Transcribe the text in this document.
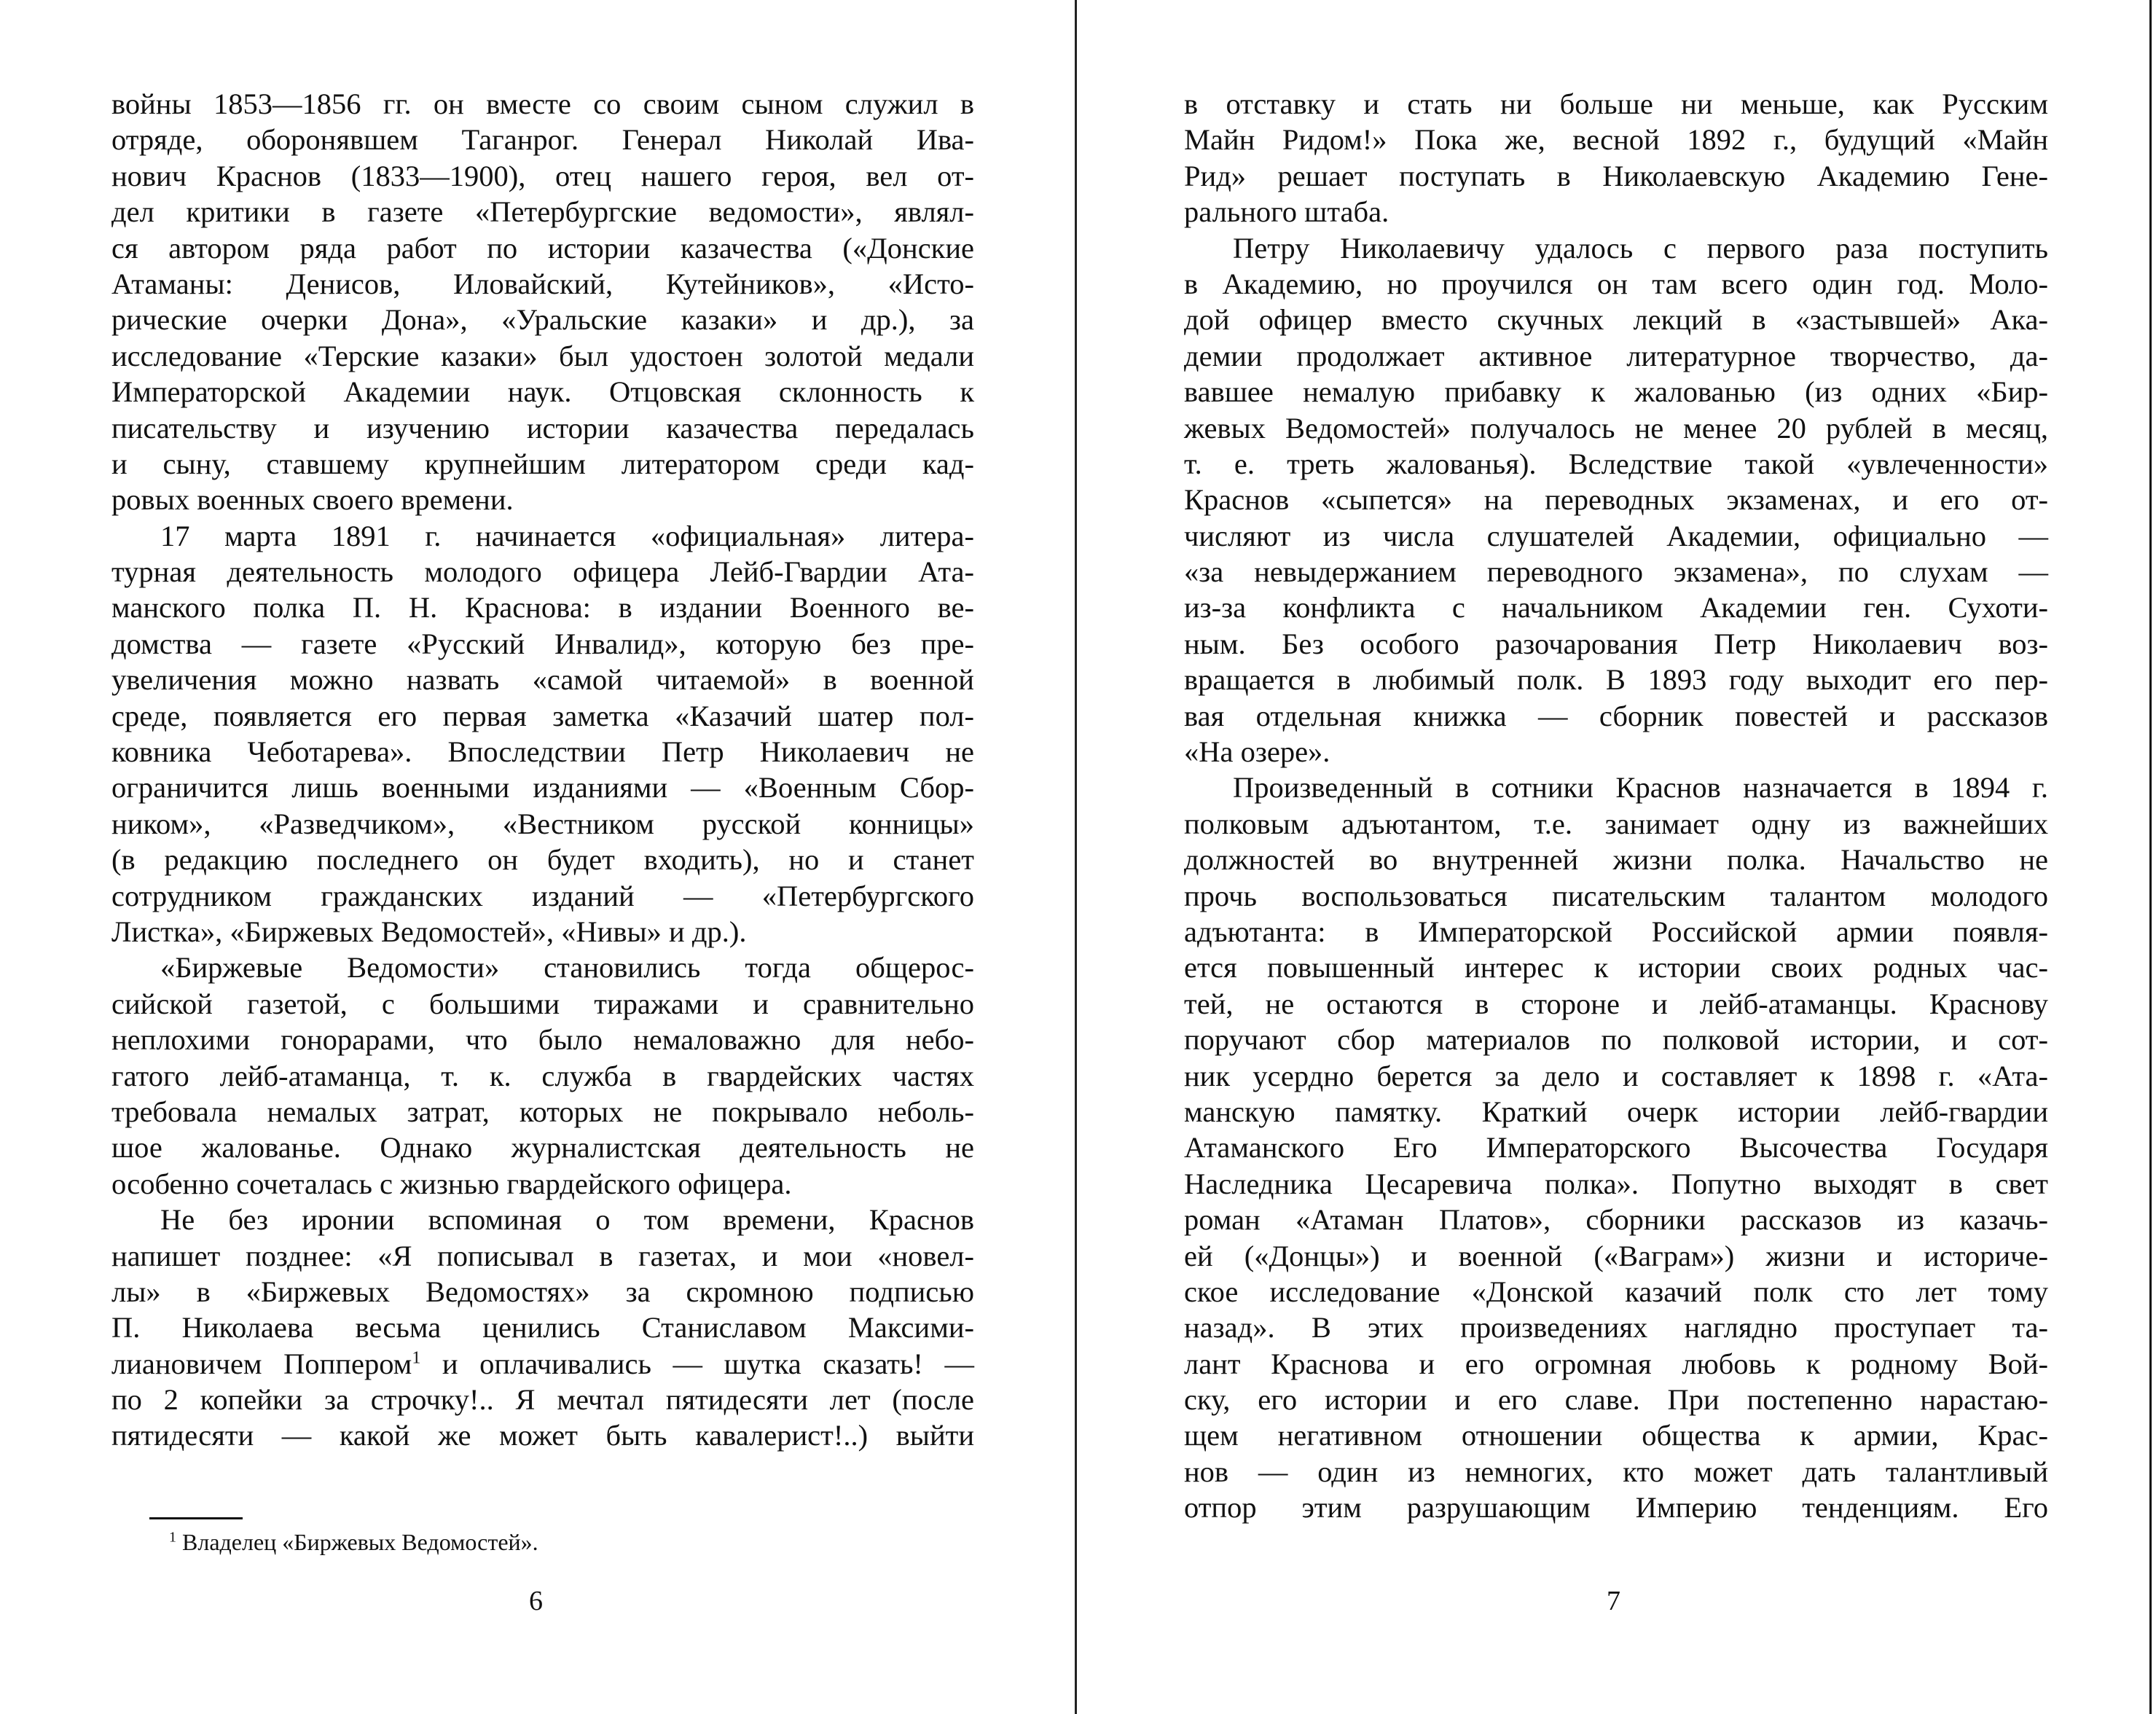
войны 1853—1856 гг. он вместе со своим сыном служил в
отряде, оборонявшем Таганрог. Генерал Николай Ива-
нович Краснов (1833—1900), отец нашего героя, вел от-
дел критики в газете «Петербургские ведомости», являл-
ся автором ряда работ по истории казачества («Донские
Атаманы: Денисов, Иловайский, Кутейников», «Исто-
рические очерки Дона», «Уральские казаки» и др.), за
исследование «Терские казаки» был удостоен золотой медали
Императорской Академии наук. Отцовская склонность к
писательству и изучению истории казачества передалась
и сыну, ставшему крупнейшим литератором среди кад-
ровых военных своего времени.
17 марта 1891 г. начинается «официальная» литера-
турная деятельность молодого офицера Лейб-Гвардии Ата-
манского полка П. Н. Краснова: в издании Военного ве-
домства — газете «Русский Инвалид», которую без пре-
увеличения можно назвать «самой читаемой» в военной
среде, появляется его первая заметка «Казачий шатер пол-
ковника Чеботарева». Впоследствии Петр Николаевич не
ограничится лишь военными изданиями — «Военным Сбор-
ником», «Разведчиком», «Вестником русской конницы»
(в редакцию последнего он будет входить), но и станет
сотрудником гражданских изданий — «Петербургского
Листка», «Биржевых Ведомостей», «Нивы» и др.).
«Биржевые Ведомости» становились тогда общерос-
сийской газетой, с большими тиражами и сравнительно
неплохими гонорарами, что было немаловажно для небо-
гатого лейб-атаманца, т. к. служба в гвардейских частях
требовала немалых затрат, которых не покрывало неболь-
шое жалованье. Однако журналистская деятельность не
особенно сочеталась с жизнью гвардейского офицера.
Не без иронии вспоминая о том времени, Краснов
напишет позднее: «Я пописывал в газетах, и мои «новел-
лы» в «Биржевых Ведомостях» за скромною подписью
П. Николаева весьма ценились Станиславом Максими-
лиановичем Поппером$^1$ и оплачивались — шутка сказать! —
по 2 копейки за строчку!.. Я мечтал пятидесяти лет (после
пятидесяти — какой же может быть кавалерист!..) выйти
в отставку и стать ни больше ни меньше, как Русским
Майн Ридом!» Пока же, весной 1892 г., будущий «Майн
Рид» решает поступать в Николаевскую Академию Гене-
рального штаба.
Петру Николаевичу удалось с первого раза поступить
в Академию, но проучился он там всего один год. Моло-
дой офицер вместо скучных лекций в «застывшей» Ака-
демии продолжает активное литературное творчество, да-
вавшее немалую прибавку к жалованью (из одних «Бир-
жевых Ведомостей» получалось не менее 20 рублей в месяц,
т. е. треть жалованья). Вследствие такой «увлеченности»
Краснов «сыпется» на переводных экзаменах, и его от-
числяют из числа слушателей Академии, официально —
«за невыдержанием переводного экзамена», по слухам —
из-за конфликта с начальником Академии ген. Сухоти-
ным. Без особого разочарования Петр Николаевич воз-
вращается в любимый полк. В 1893 году выходит его пер-
вая отдельная книжка — сборник повестей и рассказов
«На озере».
Произведенный в сотники Краснов назначается в 1894 г.
полковым адъютантом, т.е. занимает одну из важнейших
должностей во внутренней жизни полка. Начальство не
прочь воспользоваться писательским талантом молодого
адъютанта: в Императорской Российской армии появля-
ется повышенный интерес к истории своих родных час-
тей, не остаются в стороне и лейб-атаманцы. Краснову
поручают сбор материалов по полковой истории, и сот-
ник усердно берется за дело и составляет к 1898 г. «Ата-
манскую памятку. Краткий очерк истории лейб-гвардии
Атаманского Его Императорского Высочества Государя
Наследника Цесаревича полка». Попутно выходят в свет
роман «Атаман Платов», сборники рассказов из казачь-
ей («Донцы») и военной («Ваграм») жизни и историче-
ское исследование «Донской казачий полк сто лет тому
назад». В этих произведениях наглядно проступает та-
лант Краснова и его огромная любовь к родному Вой-
ску, его истории и его славе. При постепенно нарастаю-
щем негативном отношении общества к армии, Крас-
нов — один из немногих, кто может дать талантливый
отпор этим разрушающим Империю тенденциям. Его
$^1$ Владелец «Биржевых Ведомостей».
6	7
